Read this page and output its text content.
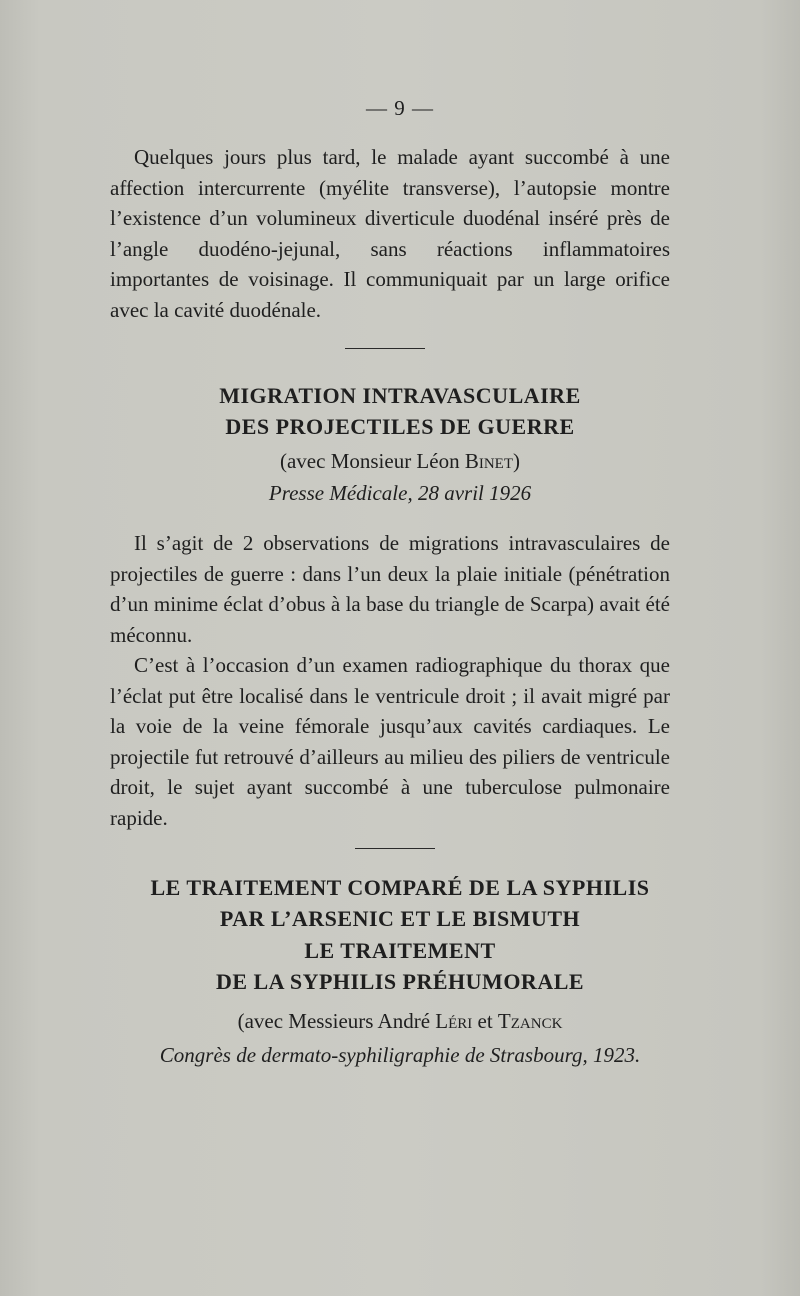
— 9 —

Quelques jours plus tard, le malade ayant succombé à une affection intercurrente (myélite transverse), l’autopsie montre l’existence d’un volumineux diverticule duodénal inséré près de l’angle duodéno-jejunal, sans réactions inflammatoires importantes de voisinage. Il communiquait par un large orifice avec la cavité duodénale.

MIGRATION INTRAVASCULAIRE
DES PROJECTILES DE GUERRE
(avec Monsieur Léon Binet)
Presse Médicale, 28 avril 1926

Il s’agit de 2 observations de migrations intravasculaires de projectiles de guerre : dans l’un deux la plaie initiale (pénétration d’un minime éclat d’obus à la base du triangle de Scarpa) avait été méconnu.

C’est à l’occasion d’un examen radiographique du thorax que l’éclat put être localisé dans le ventricule droit ; il avait migré par la voie de la veine fémorale jusqu’aux cavités cardiaques. Le projectile fut retrouvé d’ailleurs au milieu des piliers de ventricule droit, le sujet ayant succombé à une tuberculose pulmonaire rapide.

LE TRAITEMENT COMPARÉ DE LA SYPHILIS
PAR L’ARSENIC ET LE BISMUTH
LE TRAITEMENT
DE LA SYPHILIS PRÉHUMORALE
(avec Messieurs André Léri et Tzanck
Congrès de dermato-syphiligraphie de Strasbourg, 1923.
